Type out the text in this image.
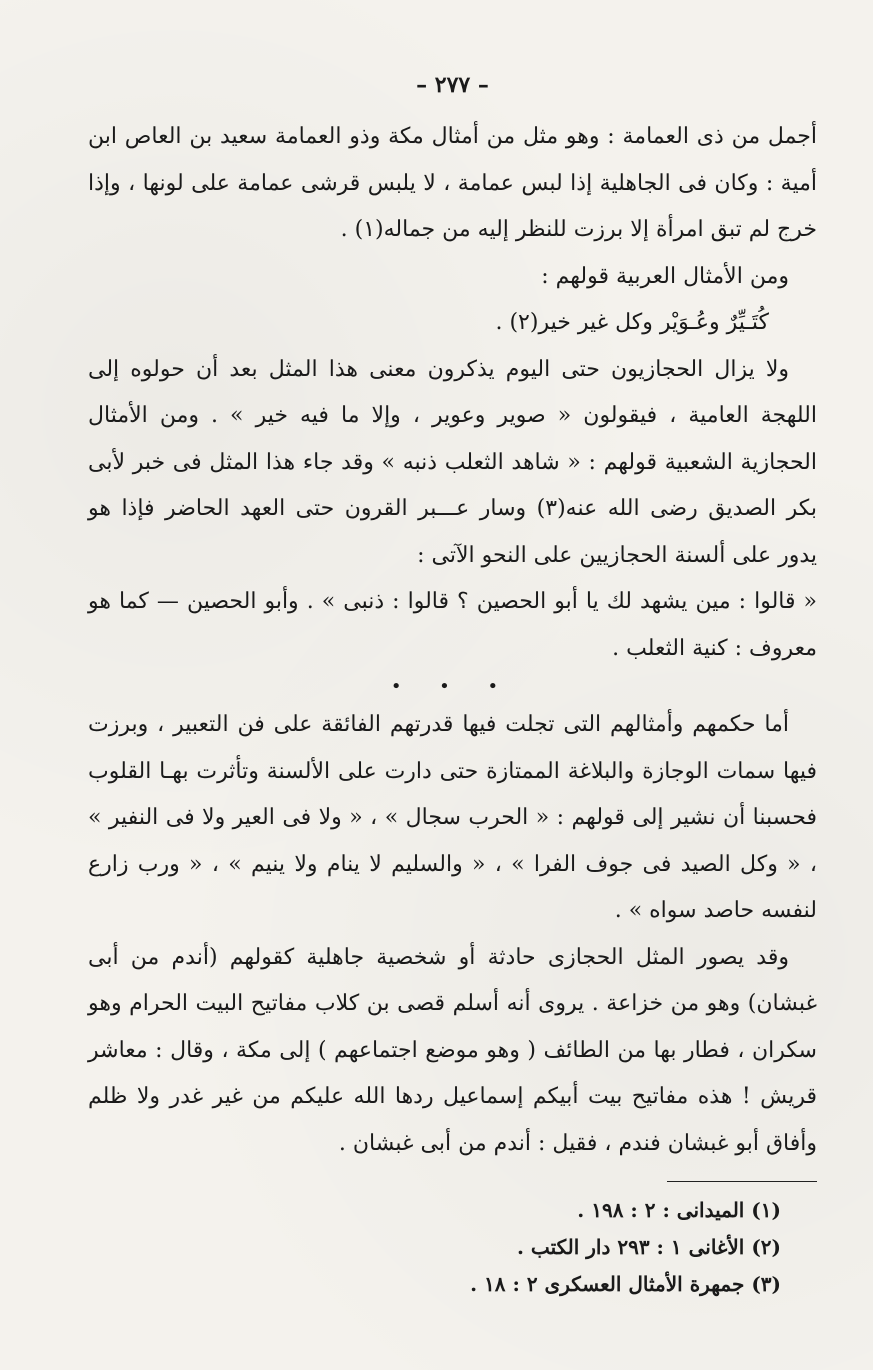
– ٢٧٧ –

أجمل من ذى العمامة : وهو مثل من أمثال مكة وذو العمامة سعيد بن العاص ابن أمية : وكان فى الجاهلية إذا لبس عمامة ، لا يلبس قرشى عمامة على لونها ، وإذا خرج لم تبق امرأة إلا برزت للنظر إليه من جماله(١) .

ومن الأمثال العربية قولهم :

كُتَـيِّرٌ وعُـوَيْر وكل غير خير(٢) .

ولا يزال الحجازيون حتى اليوم يذكرون معنى هذا المثل بعد أن حولوه إلى اللهجة العامية ، فيقولون « صوير وعوير ، وإلا ما فيه خير » . ومن الأمثال الحجازية الشعبية قولهم : « شاهد الثعلب ذنبه » وقد جاء هذا المثل فى خبر لأبى بكر الصديق رضى الله عنه(٣) وسار عـــبر القرون حتى العهد الحاضر فإذا هو يدور على ألسنة الحجازيين على النحو الآتى :

« قالوا : مين يشهد لك يا أبو الحصين ؟ قالوا : ذنبى » . وأبو الحصين — كما هو معروف : كنية الثعلب .

• • •

أما حكمهم وأمثالهم التى تجلت فيها قدرتهم الفائقة على فن التعبير ، وبرزت فيها سمات الوجازة والبلاغة الممتازة حتى دارت على الألسنة وتأثرت بهـا القلوب فحسبنا أن نشير إلى قولهم : « الحرب سجال » ، « ولا فى العير ولا فى النفير » ، « وكل الصيد فى جوف الفرا » ، « والسليم لا ينام ولا ينيم » ، « ورب زارع لنفسه حاصد سواه » .

وقد يصور المثل الحجازى حادثة أو شخصية جاهلية كقولهم (أندم من أبى غبشان) وهو من خزاعة . يروى أنه أسلم قصى بن كلاب مفاتيح البيت الحرام وهو سكران ، فطار بها من الطائف ( وهو موضع اجتماعهم ) إلى مكة ، وقال : معاشر قريش ! هذه مفاتيح بيت أبيكم إسماعيل ردها الله عليكم من غير غدر ولا ظلم وأفاق أبو غبشان فندم ، فقيل : أندم من أبى غبشان .

(١) الميدانى : ٢ : ١٩٨ .
(٢) الأغانى ١ : ٢٩٣ دار الكتب .
(٣) جمهرة الأمثال العسكرى ٢ : ١٨ .
